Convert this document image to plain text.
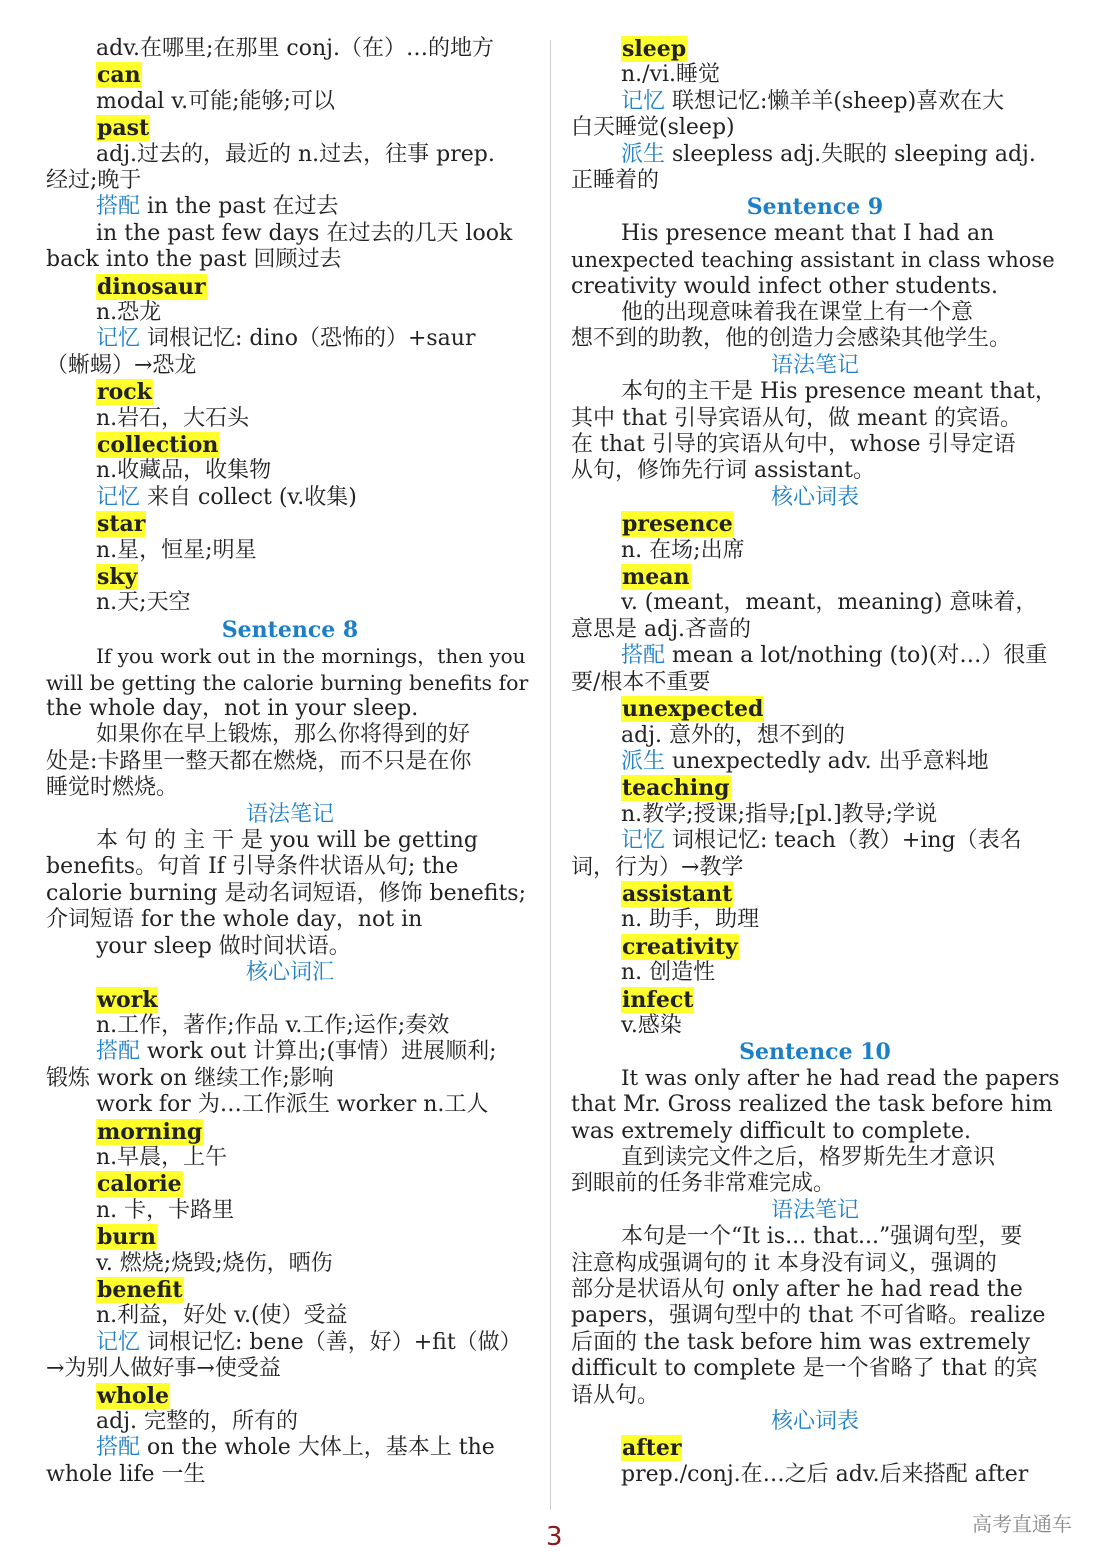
adv.在哪里;在那里 conj.（在）…的地方
can
modal v.可能;能够;可以
past
adj.过去的，最近的 n.过去，往事 prep.
经过;晚于
搭配 in the past 在过去
in the past few days 在过去的几天 look
back into the past 回顾过去
dinosaur
n.恐龙
记忆 词根记忆: dino（恐怖的）+saur
（蜥蜴）→恐龙
rock
n.岩石，大石头
collection
n.收藏品，收集物
记忆 来自 collect (v.收集)
star
n.星，恒星;明星
sky
n.天;天空
Sentence 8
If you work out in the mornings，then you
will be getting the calorie burning benefits for
the whole day，not in your sleep.
如果你在早上锻炼，那么你将得到的好
处是:卡路里一整天都在燃烧，而不只是在你
睡觉时燃烧。
语法笔记
本 句 的 主 干 是 you will be getting
benefits。句首 If 引导条件状语从句; the
calorie burning 是动名词短语，修饰 benefits;
介词短语 for the whole day，not in
your sleep 做时间状语。
核心词汇
work
n.工作，著作;作品 v.工作;运作;奏效
搭配 work out 计算出;(事情）进展顺利;
锻炼 work on 继续工作;影响
work for 为…工作派生 worker n.工人
morning
n.早晨，上午
calorie
n. 卡，卡路里
burn
v. 燃烧;烧毁;烧伤，晒伤
benefit
n.利益，好处 v.(使）受益
记忆 词根记忆: bene（善，好）+fit（做）
→为别人做好事→使受益
whole
adj. 完整的，所有的
搭配 on the whole 大体上，基本上 the
whole life 一生
sleep
n./vi.睡觉
记忆 联想记忆:懒羊羊(sheep)喜欢在大
白天睡觉(sleep)
派生 sleepless adj.失眠的 sleeping adj.
正睡着的
Sentence 9
His presence meant that I had an
unexpected teaching assistant in class whose
creativity would infect other students.
他的出现意味着我在课堂上有一个意
想不到的助教，他的创造力会感染其他学生。
语法笔记
本句的主干是 His presence meant that，
其中 that 引导宾语从句，做 meant 的宾语。
在 that 引导的宾语从句中，whose 引导定语
从句，修饰先行词 assistant。
核心词表
presence
n. 在场;出席
mean
v. (meant，meant，meaning) 意味着，
意思是 adj.吝啬的
搭配 mean a lot/nothing (to)(对…）很重
要/根本不重要
unexpected
adj. 意外的，想不到的
派生 unexpectedly adv. 出乎意料地
teaching
n.教学;授课;指导;[pl.]教导;学说
记忆 词根记忆: teach（教）+ing（表名
词，行为）→教学
assistant
n. 助手，助理
creativity
n. 创造性
infect
v.感染
Sentence 10
It was only after he had read the papers
that Mr. Gross realized the task before him
was extremely difficult to complete.
直到读完文件之后，格罗斯先生才意识
到眼前的任务非常难完成。
语法笔记
本句是一个“It is... that...”强调句型，要
注意构成强调句的 it 本身没有词义，强调的
部分是状语从句 only after he had read the
papers，强调句型中的 that 不可省略。realize
后面的 the task before him was extremely
difficult to complete 是一个省略了 that 的宾
语从句。
核心词表
after
prep./conj.在…之后 adv.后来搭配 after
3	高考直通车
